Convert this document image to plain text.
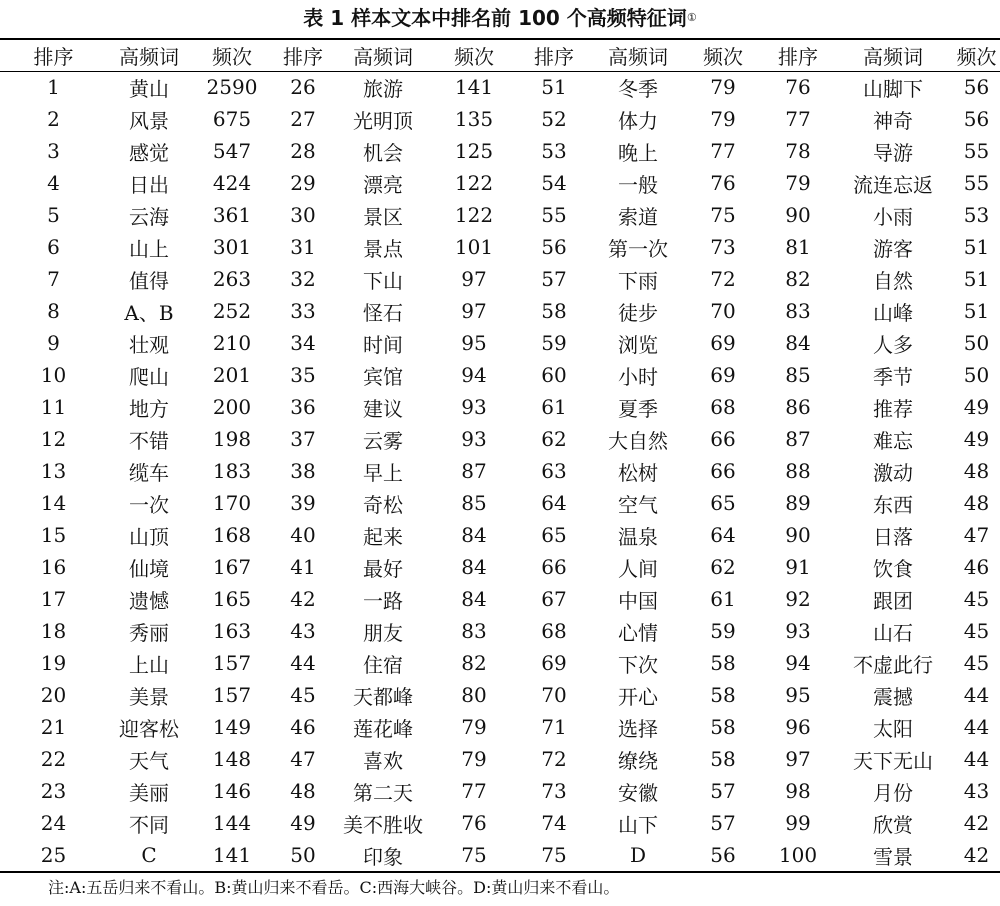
表 1 样本文本中排名前 100 个高频特征词①
排序	高频词	频次	排序	高频词	频次	排序	高频词	频次	排序	高频词	频次
1	黄山	2590	26	旅游	141	51	冬季	79	76	山脚下	56
2	风景	675	27	光明顶	135	52	体力	79	77	神奇	56
3	感觉	547	28	机会	125	53	晚上	77	78	导游	55
4	日出	424	29	漂亮	122	54	一般	76	79	流连忘返	55
5	云海	361	30	景区	122	55	索道	75	90	小雨	53
6	山上	301	31	景点	101	56	第一次	73	81	游客	51
7	值得	263	32	下山	97	57	下雨	72	82	自然	51
8	A、B	252	33	怪石	97	58	徒步	70	83	山峰	51
9	壮观	210	34	时间	95	59	浏览	69	84	人多	50
10	爬山	201	35	宾馆	94	60	小时	69	85	季节	50
11	地方	200	36	建议	93	61	夏季	68	86	推荐	49
12	不错	198	37	云雾	93	62	大自然	66	87	难忘	49
13	缆车	183	38	早上	87	63	松树	66	88	激动	48
14	一次	170	39	奇松	85	64	空气	65	89	东西	48
15	山顶	168	40	起来	84	65	温泉	64	90	日落	47
16	仙境	167	41	最好	84	66	人间	62	91	饮食	46
17	遗憾	165	42	一路	84	67	中国	61	92	跟团	45
18	秀丽	163	43	朋友	83	68	心情	59	93	山石	45
19	上山	157	44	住宿	82	69	下次	58	94	不虚此行	45
20	美景	157	45	天都峰	80	70	开心	58	95	震撼	44
21	迎客松	149	46	莲花峰	79	71	选择	58	96	太阳	44
22	天气	148	47	喜欢	79	72	缭绕	58	97	天下无山	44
23	美丽	146	48	第二天	77	73	安徽	57	98	月份	43
24	不同	144	49	美不胜收	76	74	山下	57	99	欣赏	42
25	C	141	50	印象	75	75	D	56	100	雪景	42
注:A:五岳归来不看山。B:黄山归来不看岳。C:西海大峡谷。D:黄山归来不看山。
